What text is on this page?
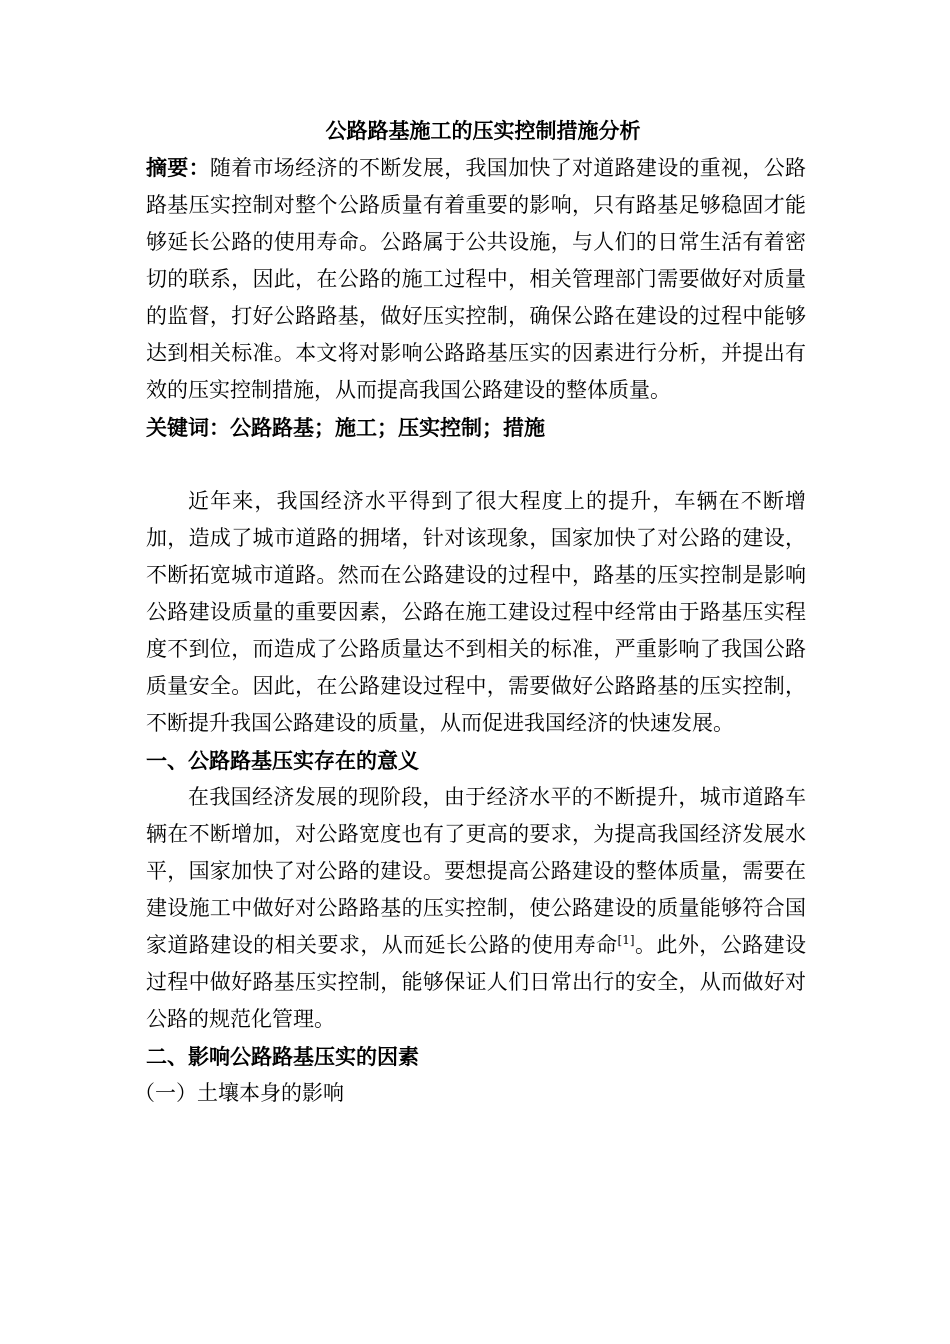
公路路基施工的压实控制措施分析

摘要：随着市场经济的不断发展，我国加快了对道路建设的重视，公路路基压实控制对整个公路质量有着重要的影响，只有路基足够稳固才能够延长公路的使用寿命。公路属于公共设施，与人们的日常生活有着密切的联系，因此，在公路的施工过程中，相关管理部门需要做好对质量的监督，打好公路路基，做好压实控制，确保公路在建设的过程中能够达到相关标准。本文将对影响公路路基压实的因素进行分析，并提出有效的压实控制措施，从而提高我国公路建设的整体质量。

关键词：公路路基；施工；压实控制；措施

近年来，我国经济水平得到了很大程度上的提升，车辆在不断增加，造成了城市道路的拥堵，针对该现象，国家加快了对公路的建设，不断拓宽城市道路。然而在公路建设的过程中，路基的压实控制是影响公路建设质量的重要因素，公路在施工建设过程中经常由于路基压实程度不到位，而造成了公路质量达不到相关的标准，严重影响了我国公路质量安全。因此，在公路建设过程中，需要做好公路路基的压实控制，不断提升我国公路建设的质量，从而促进我国经济的快速发展。

一、公路路基压实存在的意义

在我国经济发展的现阶段，由于经济水平的不断提升，城市道路车辆在不断增加，对公路宽度也有了更高的要求，为提高我国经济发展水平，国家加快了对公路的建设。要想提高公路建设的整体质量，需要在建设施工中做好对公路路基的压实控制，使公路建设的质量能够符合国家道路建设的相关要求，从而延长公路的使用寿命[1]。此外，公路建设过程中做好路基压实控制，能够保证人们日常出行的安全，从而做好对公路的规范化管理。

二、影响公路路基压实的因素

（一）土壤本身的影响
